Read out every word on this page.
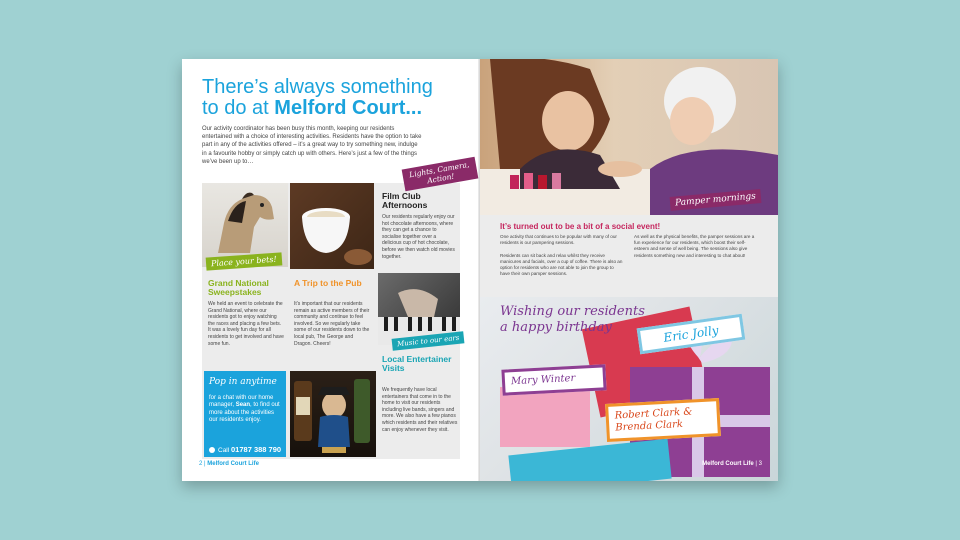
There’s always something
to do at Melford Court...
Our activity coordinator has been busy this month, keeping our residents entertained with a choice of interesting activities. Residents have the option to take part in any of the activities offered – it’s a great way to try something new, indulge in a favourite hobby or simply catch up with others. Here’s just a few of the things we’ve been up to…
Place your bets!
Lights, Camera, Action!
Film Club Afternoons
Our residents regularly enjoy our hot chocolate afternoons, where they can get a chance to socialise together over a delicious cup of hot chocolate, before we then watch old movies together.
Grand National Sweepstakes
We held an event to celebrate the Grand National, where our residents got to enjoy watching the races and placing a few bets. It was a lovely fun day for all residents to get involved and have some fun.
A Trip to the Pub
It’s important that our residents remain as active members of their community and continue to feel involved. So we regularly take some of our residents down to the local pub, The George and Dragon. Cheers!	Music to our ears
Local Entertainer Visits
We frequently have local entertainers that come in to the home to visit our residents including live bands, singers and more. We also have a few pianos which residents and their relatives can enjoy whenever they visit.
Pop in anytime
for a chat with our home manager, Sean, to find out more about the activities our residents enjoy.
Call 01787 388 790
2 | Melford Court Life
Pamper mornings
It’s turned out to be a bit of a social event!
One activity that continues to be popular with many of our residents is our pampering sessions.

Residents can sit back and relax whilst they receive manicures and facials, over a cup of coffee. There is also an option for residents who are not able to join the group to have their own pamper sessions.
As well as the physical benefits, the pamper sessions are a fun experience for our residents, which boost their self-esteem and sense of well being. The sessions also give residents something new and interesting to chat about!
Wishing our residents
a happy birthday	Eric Jolly
Mary Winter
Robert Clark &
Brenda Clark
Melford Court Life | 3
